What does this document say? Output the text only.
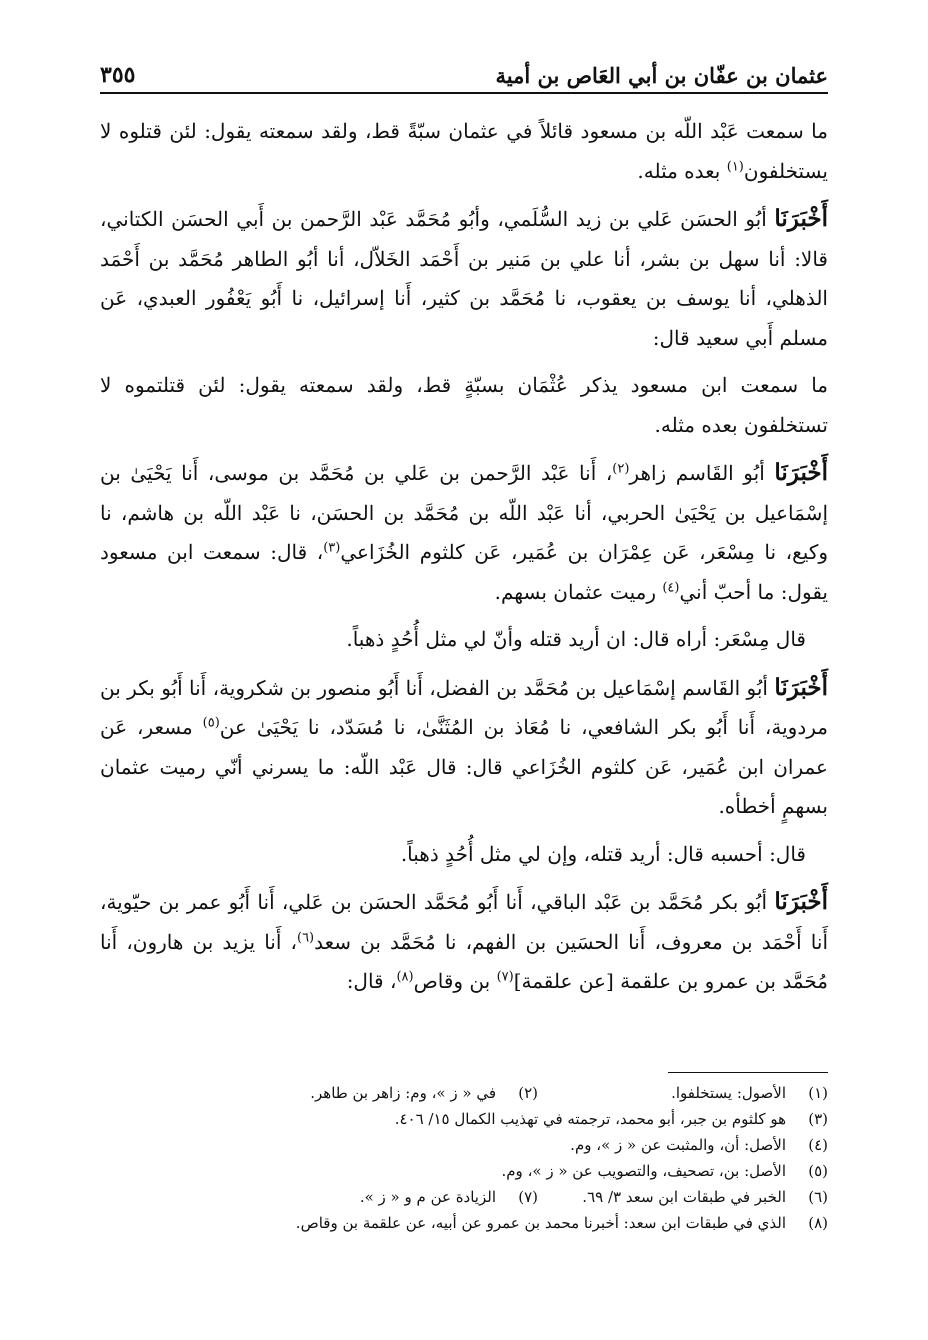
عثمان بن عفّان بن أبي العَاص بن أمية
٣٥٥

ما سمعت عَبْد اللّه بن مسعود قائلاً في عثمان سبّةً قط، ولقد سمعته يقول: لئن قتلوه لا يستخلفون$^{(١)}$ بعده مثله.

أَخْبَرَنَا أبُو الحسَن عَلي بن زيد السُّلَمي، وأبُو مُحَمَّد عَبْد الرَّحمن بن أَبي الحسَن الكتاني، قالا: أنا سهل بن بشر، أنا علي بن مَنير بن أَحْمَد الخَلاّل، أنا أبُو الطاهر مُحَمَّد بن أَحْمَد الذهلي، أنا يوسف بن يعقوب، نا مُحَمَّد بن كثير، أَنا إسرائيل، نا أَبُو يَعْفُور العبدي، عَن مسلم أَبي سعيد قال:

ما سمعت ابن مسعود يذكر عُثْمَان بسبّةٍ قط، ولقد سمعته يقول: لئن قتلتموه لا تستخلفون بعده مثله.

أَخْبَرَنَا أبُو القَاسم زاهر$^{(٢)}$، أَنا عَبْد الرَّحمن بن عَلي بن مُحَمَّد بن موسى، أَنا يَحْيَىٰ بن إسْمَاعيل بن يَحْيَىٰ الحربي، أنا عَبْد اللّه بن مُحَمَّد بن الحسَن، نا عَبْد اللّه بن هاشم، نا وكيع، نا مِسْعَر، عَن عِمْرَان بن عُمَير، عَن كلثوم الخُزَاعي$^{(٣)}$، قال: سمعت ابن مسعود يقول: ما أحبّ أني$^{(٤)}$ رميت عثمان بسهم.

قال مِسْعَر: أراه قال: ان أريد قتله وأنّ لي مثل أُحُدٍ ذهباً.

أَخْبَرَنَا أبُو القَاسم إسْمَاعيل بن مُحَمَّد بن الفضل، أَنا أَبُو منصور بن شكروية، أَنا أَبُو بكر بن مردوية، أَنا أَبُو بكر الشافعي، نا مُعَاذ بن المُثَنَّىٰ، نا مُسَدّد، نا يَحْيَىٰ عن$^{(٥)}$ مسعر، عَن عمران ابن عُمَير، عَن كلثوم الخُزَاعي قال: قال عَبْد اللّه: ما يسرني أنّي رميت عثمان بسهمٍ أخطأه.

قال: أحسبه قال: أريد قتله، وإن لي مثل أُحُدٍ ذهباً.

أَخْبَرَنَا أبُو بكر مُحَمَّد بن عَبْد الباقي، أَنا أَبُو مُحَمَّد الحسَن بن عَلي، أَنا أَبُو عمر بن حيّوية، أَنا أَحْمَد بن معروف، أَنا الحسَين بن الفهم، نا مُحَمَّد بن سعد$^{(٦)}$، أَنا يزيد بن هارون، أَنا مُحَمَّد بن عمرو بن علقمة [عن علقمة]$^{(٧)}$ بن وقاص$^{(٨)}$، قال:

(١)
الأصول: يستخلفوا.
(٢)
في « ز »، وم: زاهر بن طاهر.
(٣)
هو كلثوم بن جبر، أبو محمد، ترجمته في تهذيب الكمال ١٥/ ٤٠٦.
(٤)
الأصل: أن، والمثبت عن « ز »، وم.
(٥)
الأصل: بن، تصحيف، والتصويب عن « ز »، وم.
(٦)
الخبر في طبقات ابن سعد ٣/ ٦٩.
(٧)
الزيادة عن م و « ز ».
(٨)
الذي في طبقات ابن سعد: أخبرنا محمد بن عمرو عن أبيه، عن علقمة بن وقاص.
